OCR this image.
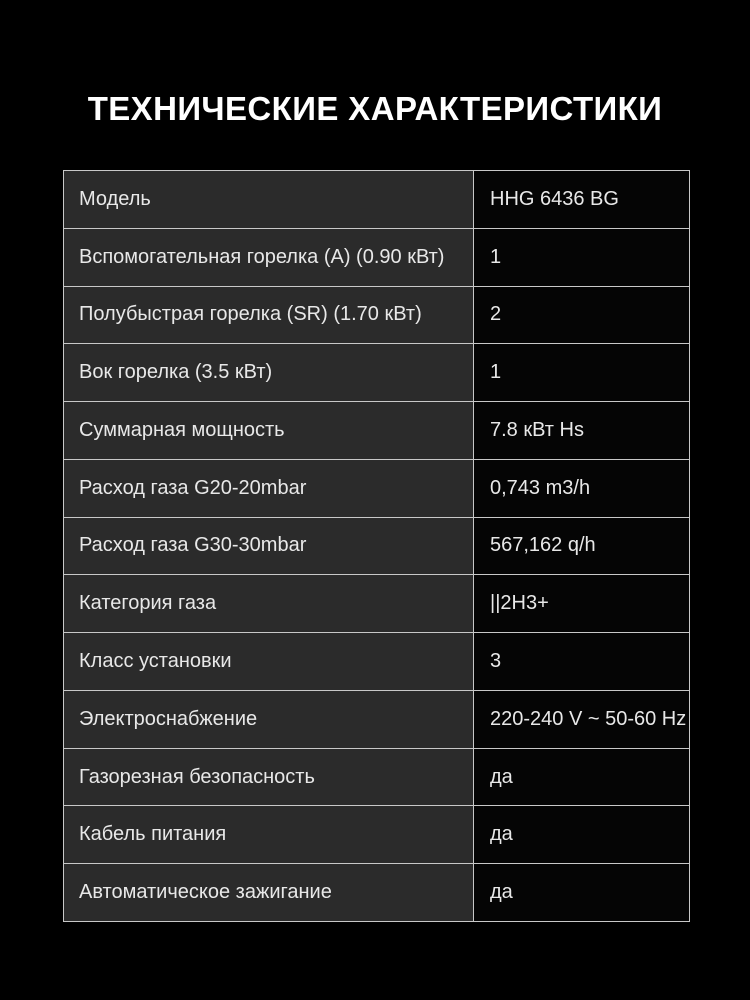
ТЕХНИЧЕСКИЕ ХАРАКТЕРИСТИКИ
Модель	HHG 6436 BG
Вспомогательная горелка (A) (0.90 кВт)	1
Полубыстрая горелка (SR) (1.70 кВт)	2
Вок горелка (3.5 кВт)	1
Суммарная мощность	7.8 кВт Hs
Расход газа G20-20mbar	0,743 m3/h
Расход газа G30-30mbar	567,162 q/h
Категория газа	||2H3+
Класс установки	3
Электроснабжение	220-240 V ~ 50-60 Hz
Газорезная безопасность	да
Кабель питания	да
Автоматическое зажигание	да
